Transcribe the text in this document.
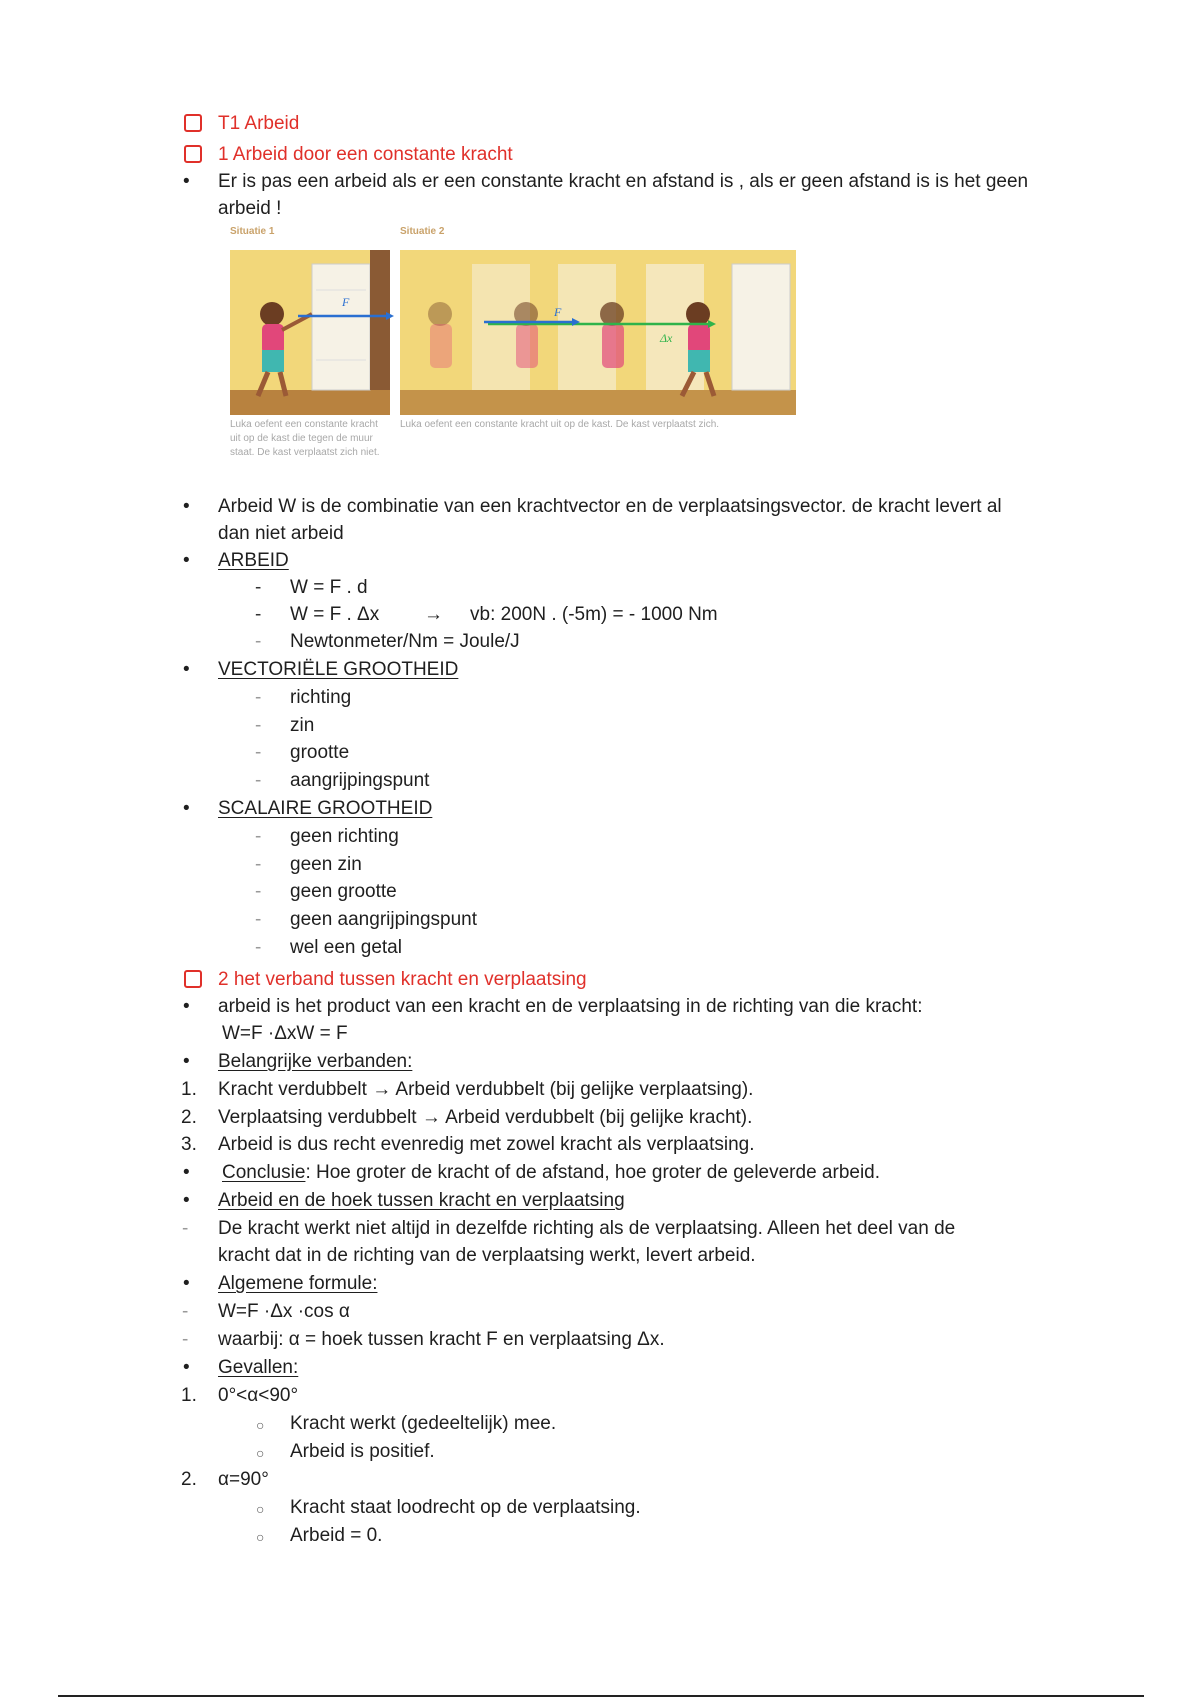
T1 Arbeid
1 Arbeid door een constante kracht
• Er is pas een arbeid als er een constante kracht en afstand is , als er geen afstand is is het geen arbeid !
Situatie 1	Situatie 2
F
F
Δx
Luka oefent een constante kracht uit op de kast die tegen de muur staat. De kast verplaatst zich niet.
Luka oefent een constante kracht uit op de kast. De kast verplaatst zich.
• Arbeid W is de combinatie van een krachtvector en de verplaatsingsvector. de kracht levert al
dan niet arbeid
• ARBEID
- W = F . d
- W = F . Δx → vb: 200N . (-5m) = - 1000 Nm
- Newtonmeter/Nm = Joule/J
• VECTORIËLE GROOTHEID
- richting
- zin
- grootte
- aangrijpingspunt
• SCALAIRE GROOTHEID
- geen richting
- geen zin
- geen grootte
- geen aangrijpingspunt
- wel een getal
2 het verband tussen kracht en verplaatsing
• arbeid is het product van een kracht en de verplaatsing in de richting van die kracht:
W=F ·ΔxW = F
• Belangrijke verbanden:
1. Kracht verdubbelt → Arbeid verdubbelt (bij gelijke verplaatsing).
2. Verplaatsing verdubbelt → Arbeid verdubbelt (bij gelijke kracht).
3. Arbeid is dus recht evenredig met zowel kracht als verplaatsing.
• Conclusie: Hoe groter de kracht of de afstand, hoe groter de geleverde arbeid.
• Arbeid en de hoek tussen kracht en verplaatsing
- De kracht werkt niet altijd in dezelfde richting als de verplaatsing. Alleen het deel van de
kracht dat in de richting van de verplaatsing werkt, levert arbeid.
• Algemene formule:
- W=F ·Δx ·cos α
- waarbij: α = hoek tussen kracht F en verplaatsing Δx.
• Gevallen:
1. 0°<α<90°
○ Kracht werkt (gedeeltelijk) mee.
○ Arbeid is positief.
2. α=90°
○ Kracht staat loodrecht op de verplaatsing.
○ Arbeid = 0.
